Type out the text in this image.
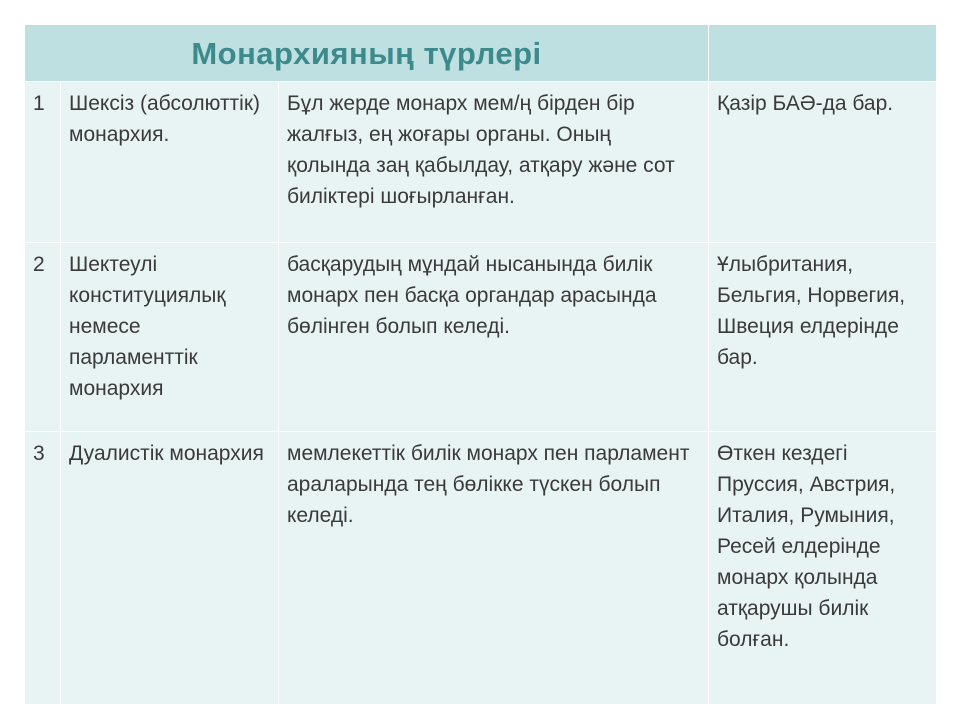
Монархияның түрлері			

1	Шексіз (абсолюттік) монархия.	Бұл жерде монарх мем/ң бірден бір жалғыз, ең жоғары органы. Оның қолында заң қабылдау, атқару және сот биліктері шоғырланған.	Қазір БАӘ-да бар.
2	Шектеулі конституциялық немесе парламенттік монархия	басқарудың мұндай нысанында билік монарх пен басқа органдар арасында бөлінген болып келеді.	Ұлыбритания, Бельгия, Норвегия, Швеция елдерінде бар.
3	Дуалистік монархия	мемлекеттік билік монарх пен парламент араларында тең бөлікке түскен болып келеді.	Өткен кездегі Пруссия, Австрия, Италия, Румыния, Ресей елдерінде монарх қолында атқарушы билік болған.
